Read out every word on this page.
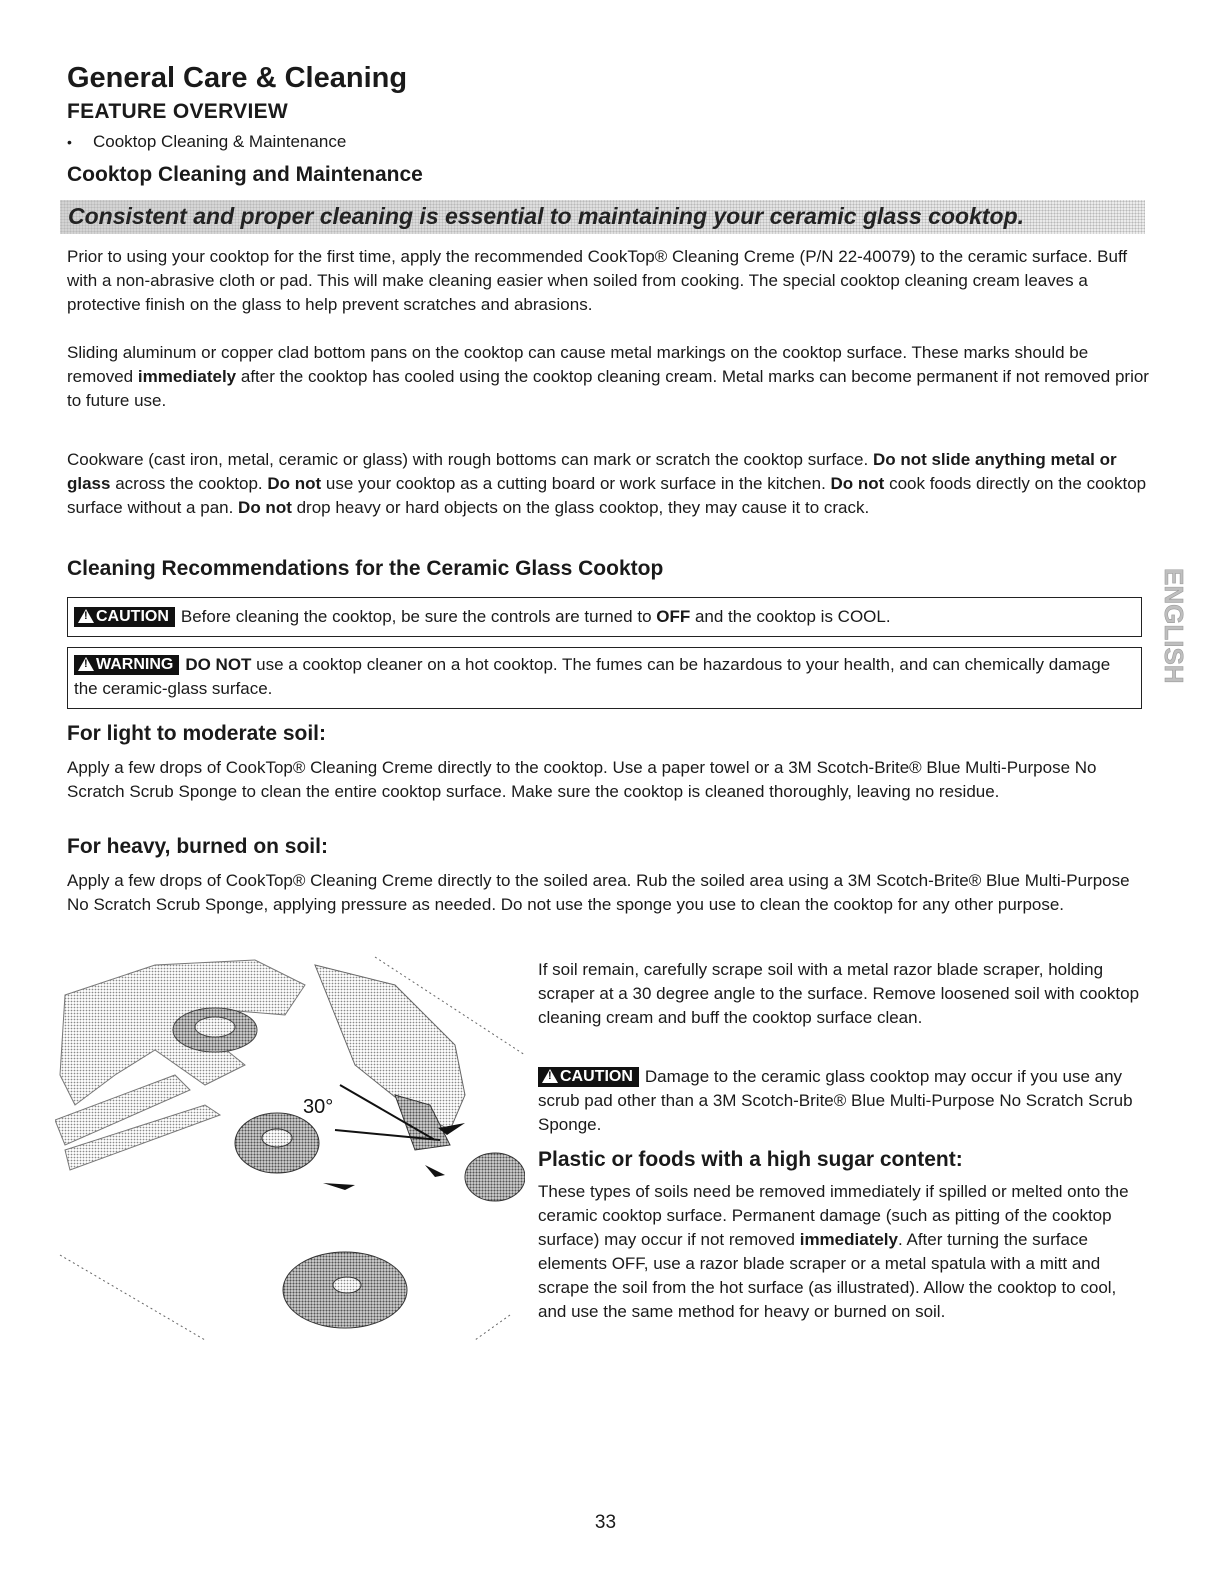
General Care & Cleaning
FEATURE OVERVIEW

• Cooktop Cleaning & Maintenance

Cooktop Cleaning and Maintenance
Consistent and proper cleaning is essential to maintaining your ceramic glass cooktop.

Prior to using your cooktop for the first time, apply the recommended CookTop® Cleaning Creme (P/N 22-40079) to the ceramic surface. Buff with a non-abrasive cloth or pad. This will make cleaning easier when soiled from cooking. The special cooktop cleaning cream leaves a protective finish on the glass to help prevent scratches and abrasions.

Sliding aluminum or copper clad bottom pans on the cooktop can cause metal markings on the cooktop surface. These marks should be removed immediately after the cooktop has cooled using the cooktop cleaning cream. Metal marks can become permanent if not removed prior to future use.

Cookware (cast iron, metal, ceramic or glass) with rough bottoms can mark or scratch the cooktop surface. Do not slide anything metal or glass across the cooktop. Do not use your cooktop as a cutting board or work surface in the kitchen. Do not cook foods directly on the cooktop surface without a pan. Do not drop heavy or hard objects on the glass cooktop, they may cause it to crack.

Cleaning Recommendations for the Ceramic Glass Cooktop
!CAUTION Before cleaning the cooktop, be sure the controls are turned to OFF and the cooktop is COOL.
!WARNING DO NOT use a cooktop cleaner on a hot cooktop. The fumes can be hazardous to your health, and can chemically damage the ceramic-glass surface.
For light to moderate soil:

Apply a few drops of CookTop® Cleaning Creme directly to the cooktop. Use a paper towel or a 3M Scotch-Brite® Blue Multi-Purpose No Scratch Scrub Sponge to clean the entire cooktop surface. Make sure the cooktop is cleaned thoroughly, leaving no residue.

For heavy, burned on soil:

Apply a few drops of CookTop® Cleaning Creme directly to the soiled area. Rub the soiled area using a 3M Scotch-Brite® Blue Multi-Purpose No Scratch Scrub Sponge, applying pressure as needed. Do not use the sponge you use to clean the cooktop for any other purpose.

30°

If soil remain, carefully scrape soil with a metal razor blade scraper, holding scraper at a 30 degree angle to the surface. Remove loosened soil with cooktop cleaning cream and buff the cooktop surface clean.

!CAUTION Damage to the ceramic glass cooktop may occur if you use any scrub pad other than a 3M Scotch-Brite® Blue Multi-Purpose No Scratch Scrub Sponge.

Plastic or foods with a high sugar content:

These types of soils need be removed immediately if spilled or melted onto the ceramic cooktop surface. Permanent damage (such as pitting of the cooktop surface) may occur if not removed immediately. After turning the surface elements OFF, use a razor blade scraper or a metal spatula with a mitt and scrape the soil from the hot surface (as illustrated). Allow the cooktop to cool, and use the same method for heavy or burned on soil.

ENGLISH
33
